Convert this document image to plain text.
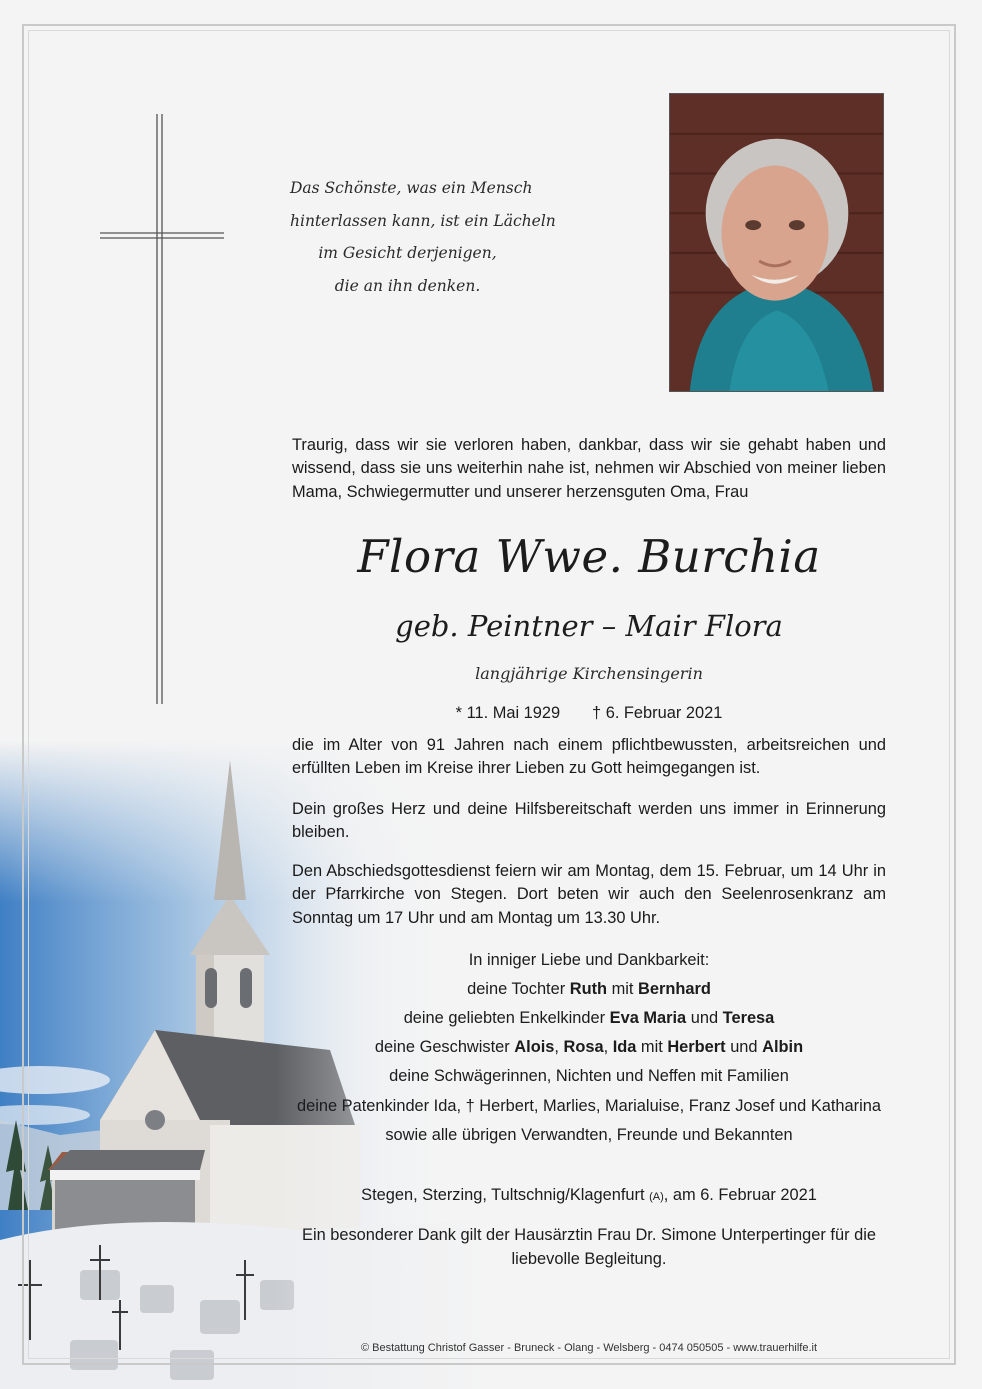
Das Schönste, was ein Mensch
hinterlassen kann, ist ein Lächeln
im Gesicht derjenigen,
die an ihn denken.
Traurig, dass wir sie verloren haben, dankbar, dass wir sie gehabt haben und wissend, dass sie uns weiterhin nahe ist, nehmen wir Abschied von meiner lieben Mama, Schwiegermutter und unserer herzensguten Oma, Frau
Flora Wwe. Burchia
geb. Peintner – Mair Flora
langjährige Kirchensingerin
* 11. Mai 1929 † 6. Februar 2021
die im Alter von 91 Jahren nach einem pflichtbewussten, arbeitsreichen und erfüllten Leben im Kreise ihrer Lieben zu Gott heimgegangen ist.
Dein großes Herz und deine Hilfsbereitschaft werden uns immer in Erinnerung bleiben.
Den Abschiedsgottesdienst feiern wir am Montag, dem 15. Februar, um 14 Uhr in der Pfarrkirche von Stegen. Dort beten wir auch den Seelenrosenkranz am Sonntag um 17 Uhr und am Montag um 13.30 Uhr.
In inniger Liebe und Dankbarkeit:
deine Tochter Ruth mit Bernhard
deine geliebten Enkelkinder Eva Maria und Teresa
deine Geschwister Alois, Rosa, Ida mit Herbert und Albin
deine Schwägerinnen, Nichten und Neffen mit Familien
deine Patenkinder Ida, † Herbert, Marlies, Marialuise, Franz Josef und Katharina
sowie alle übrigen Verwandten, Freunde und Bekannten
Stegen, Sterzing, Tultschnig/Klagenfurt (A), am 6. Februar 2021
Ein besonderer Dank gilt der Hausärztin Frau Dr. Simone Unterpertinger für die liebevolle Begleitung.
© Bestattung Christof Gasser - Bruneck - Olang - Welsberg - 0474 050505 - www.trauerhilfe.it
